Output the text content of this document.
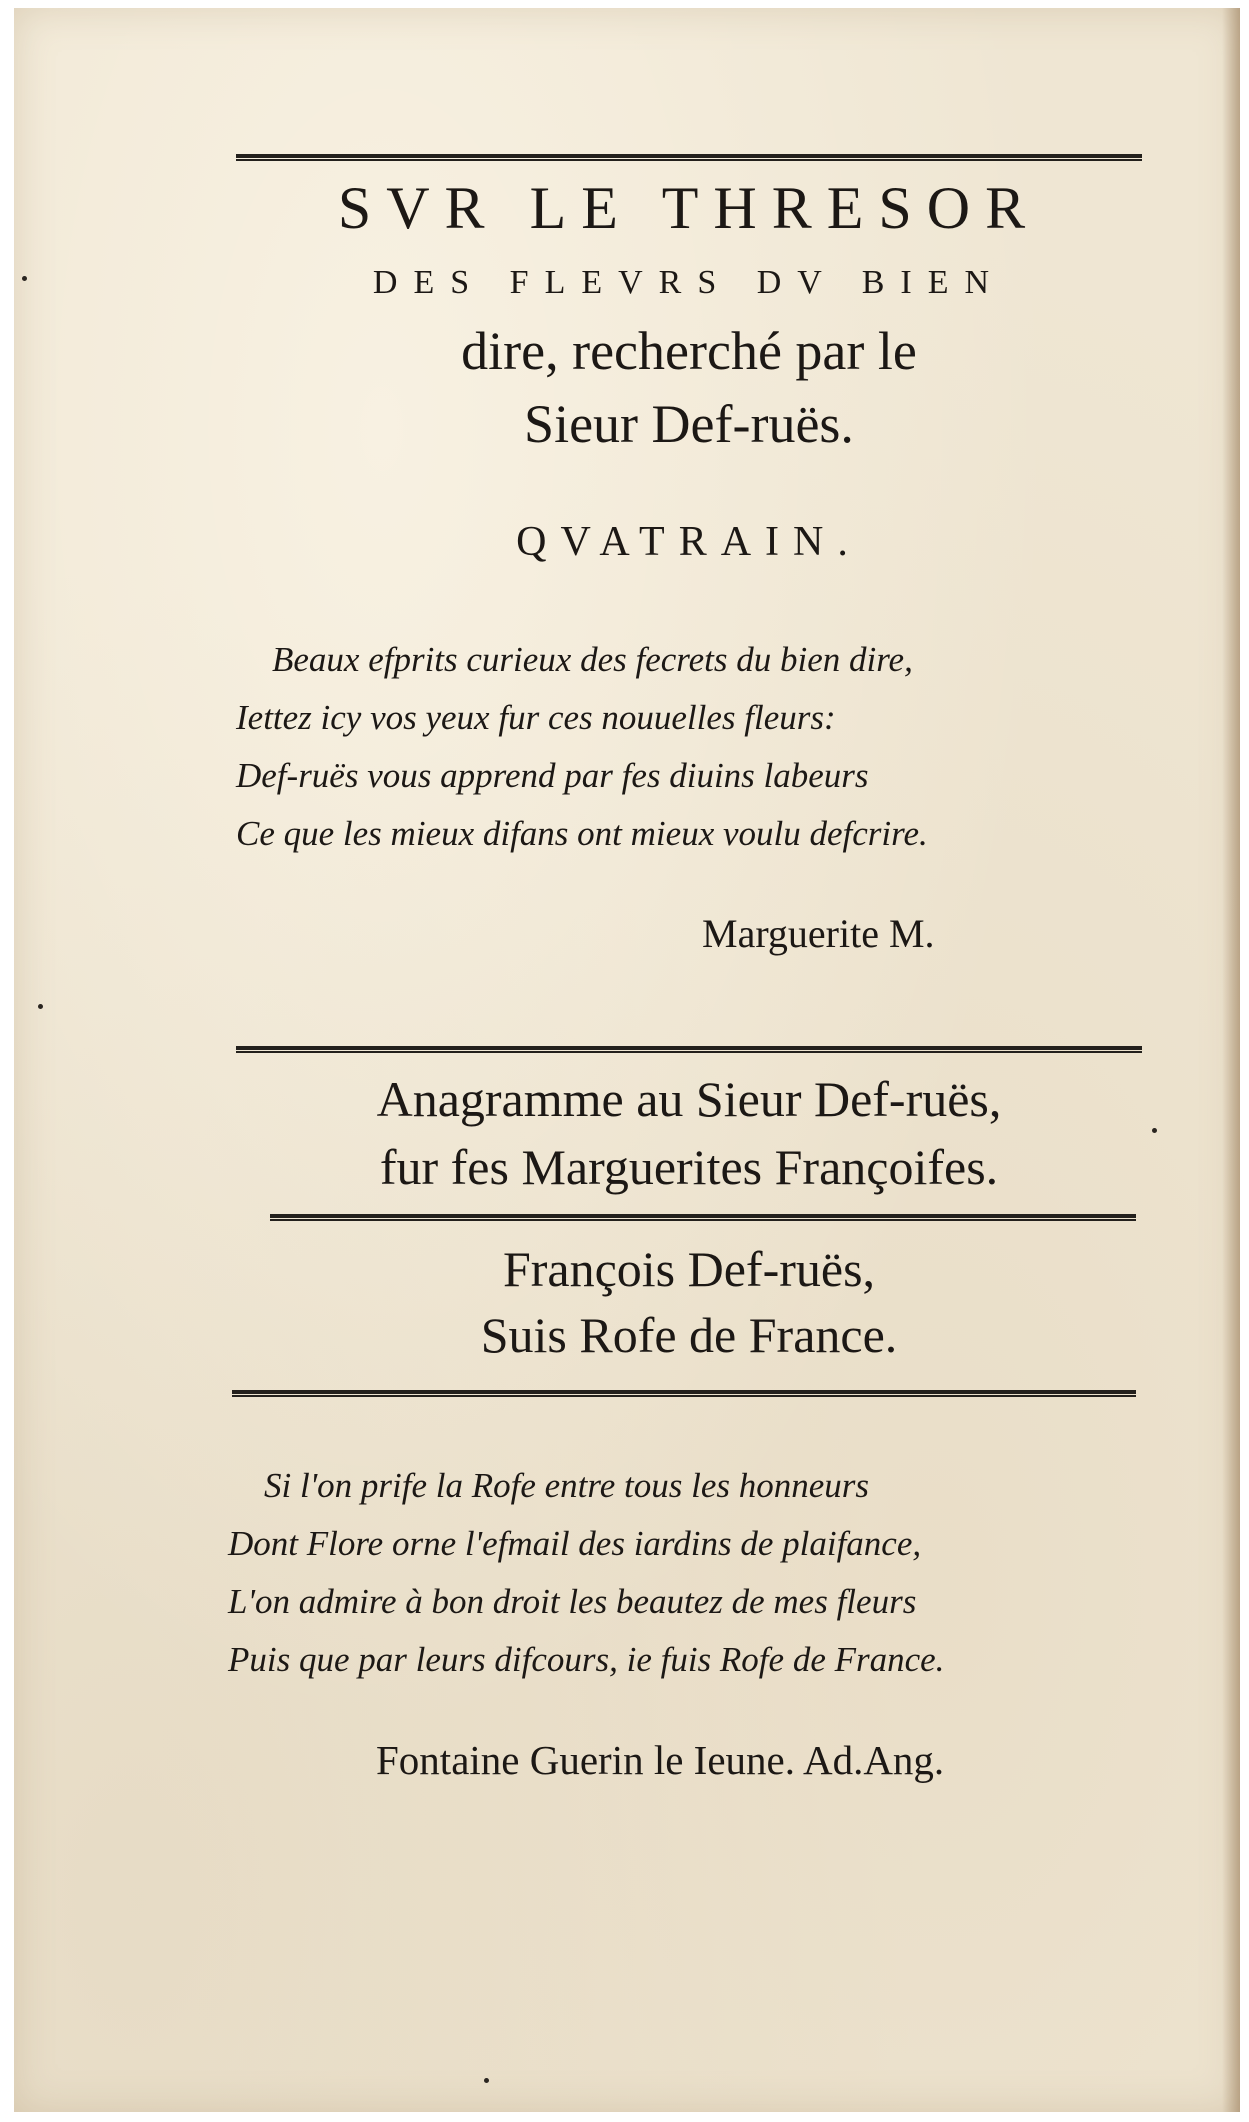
SVR LE THRESOR
DES FLEVRS DV BIEN
dire, recherché par le
Sieur Def-ruës.
QVATRAIN.
Beaux efprits curieux des fecrets du bien dire,
Iettez icy vos yeux fur ces nouuelles fleurs:
Def-ruës vous apprend par fes diuins labeurs
Ce que les mieux difans ont mieux voulu defcrire.
Marguerite M.
Anagramme au Sieur Def-ruës,
fur fes Marguerites Françoifes.
François Def-ruës,
Suis Rofe de France.
Si l'on prife la Rofe entre tous les honneurs
Dont Flore orne l'efmail des iardins de plaifance,
L'on admire à bon droit les beautez de mes fleurs
Puis que par leurs difcours, ie fuis Rofe de France.
Fontaine Guerin le Ieune. Ad.Ang.
